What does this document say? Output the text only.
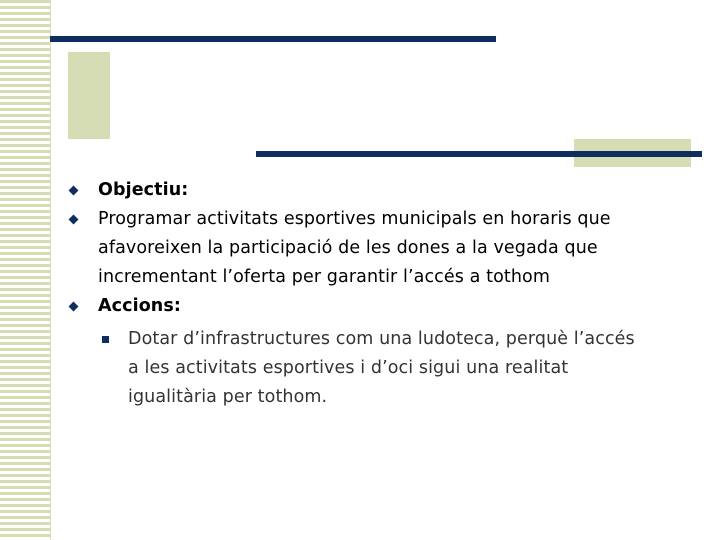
Objectiu:
Programar activitats esportives municipals en horaris que afavoreixen la participació de les dones a la vegada que incrementant l’oferta per garantir l’accés a tothom
Accions:
Dotar d’infrastructures com una ludoteca, perquè l’accés a les activitats esportives i d’oci sigui una realitat igualitària per tothom.
